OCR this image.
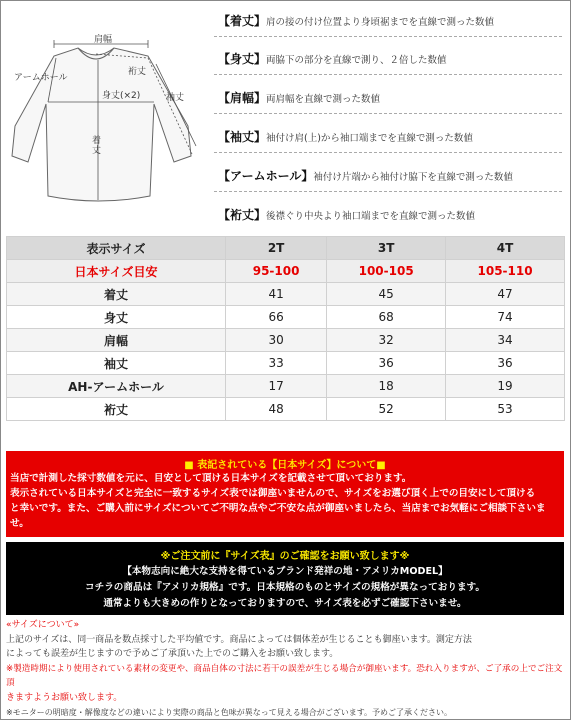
肩幅
裄丈
アームホール
袖丈
身丈(×2)
着丈
【着丈】肩の接の付け位置より身頃裾までを直線で測った数値
【身丈】両脇下の部分を直線で測り、２倍した数値
【肩幅】両肩幅を直線で測った数値
【袖丈】袖付け肩(上)から袖口端までを直線で測った数値
【アームホール】袖付け片端から袖付け脇下を直線で測った数値
【裄丈】後襟ぐり中央より袖口端までを直線で測った数値
表示サイズ	2T	3T	4T
日本サイズ目安	95-100	100-105	105-110
着丈	41	45	47
身丈	66	68	74
肩幅	30	32	34
袖丈	33	36	36
AH-アームホール	17	18	19
裄丈	48	52	53
■ 表記されている【日本サイズ】について■
当店で計測した採寸数値を元に、目安として頂ける日本サイズを記載させて頂いております。
表示されている日本サイズと完全に一致するサイズ表では御座いませんので、サイズをお選び頂く上での目安にして頂ける
と幸いです。また、ご購入前にサイズについてご不明な点やご不安な点が御座いましたら、当店までお気軽にご相談下さいま
せ。
※ご注文前に『サイズ表』のご確認をお願い致します※
【本物志向に絶大な支持を得ているブランド発祥の地・アメリカMODEL】
コチラの商品は『アメリカ規格』です。日本規格のものとサイズの規格が異なっております。
通常よりも大きめの作りとなっておりますので、サイズ表を必ずご確認下さいませ。
«サイズについて»
上記のサイズは、同一商品を数点採寸した平均値です。商品によっては個体差が生じることも御座います。測定方法
によっても誤差が生じますので予めご了承頂いた上でのご購入をお願い致します。
※製造時期により使用されている素材の変更や、商品自体の寸法に若干の誤差が生じる場合が御座います。恐れ入りますが、ご了承の上でご注文頂
きますようお願い致します。
※モニターの明暗度・解像度などの違いにより実際の商品と色味が異なって見える場合がございます。予めご了承ください。
